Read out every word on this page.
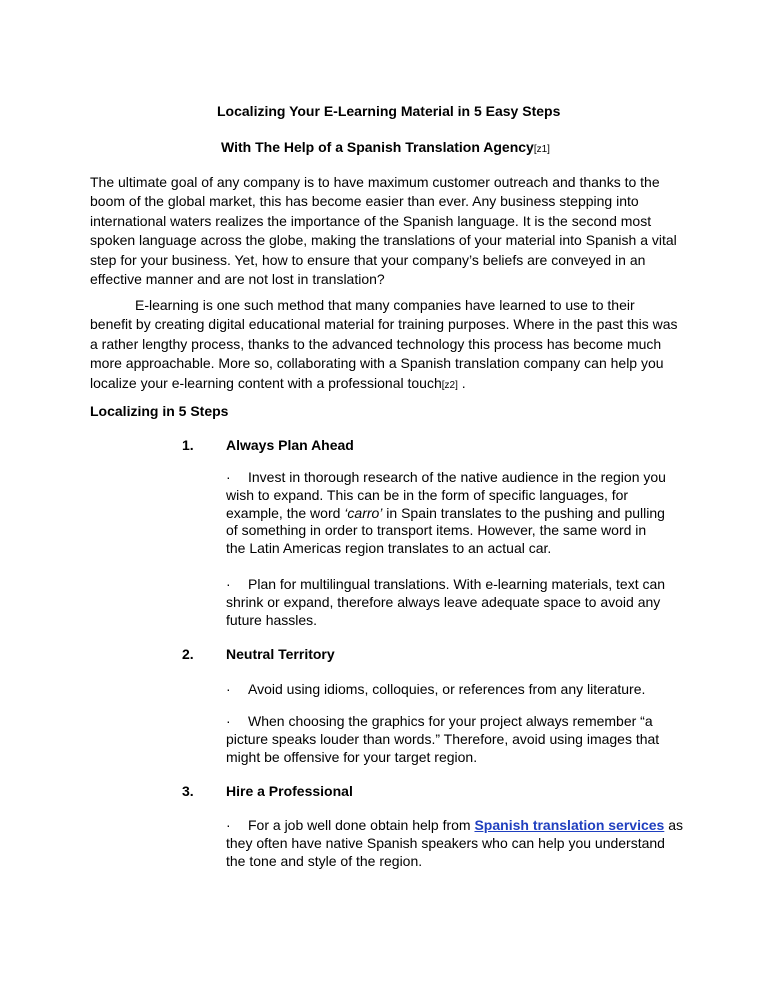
Localizing Your E-Learning Material in 5 Easy Steps
With The Help of a Spanish Translation Agency[z1]
The ultimate goal of any company is to have maximum customer outreach and thanks to the boom of the global market, this has become easier than ever. Any business stepping into international waters realizes the importance of the Spanish language. It is the second most spoken language across the globe, making the translations of your material into Spanish a vital step for your business. Yet, how to ensure that your company’s beliefs are conveyed in an effective manner and are not lost in translation?
E-learning is one such method that many companies have learned to use to their benefit by creating digital educational material for training purposes. Where in the past this was a rather lengthy process, thanks to the advanced technology this process has become much more approachable. More so, collaborating with a Spanish translation company can help you localize your e-learning content with a professional touch[z2] .
Localizing in 5 Steps
1. Always Plan Ahead
· Invest in thorough research of the native audience in the region you wish to expand. This can be in the form of specific languages, for example, the word ‘carro’ in Spain translates to the pushing and pulling of something in order to transport items. However, the same word in the Latin Americas region translates to an actual car.
· Plan for multilingual translations. With e-learning materials, text can shrink or expand, therefore always leave adequate space to avoid any future hassles.
2. Neutral Territory
· Avoid using idioms, colloquies, or references from any literature.
· When choosing the graphics for your project always remember “a picture speaks louder than words.” Therefore, avoid using images that might be offensive for your target region.
3. Hire a Professional
· For a job well done obtain help from Spanish translation services as they often have native Spanish speakers who can help you understand the tone and style of the region.
